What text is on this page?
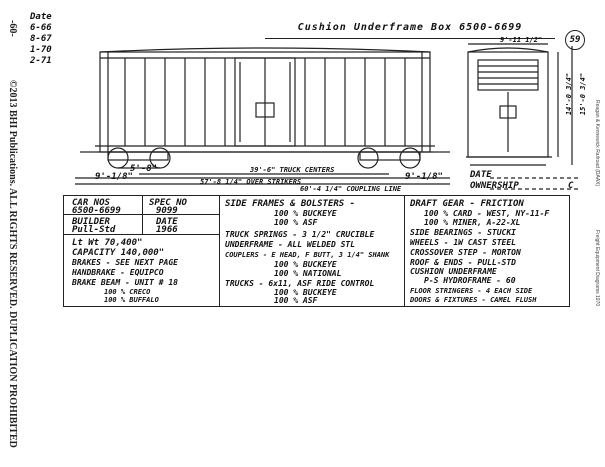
-60-
©2013 BHI Publications. ALL RIGHTS RESERVED. DUPLICATION PROHIBITED
Date
6-66
8-67
1-70
2-71
Cushion Underframe Box 6500-6699
59
Reagan & Kennewick Railroad (DAAX)
Freight Equipment Diagrams 1970
5'-8"
9'-1/8"
39'-6" TRUCK CENTERS
57'-8 1/4" OVER STRIKERS	9'-1/8"
60'-4 1/4" COUPLING LINE
9'-11 1/2"
14'-0 3/4" 15'-0 3/4"
DATE
OWNERSHIP	C
CAR NOS
6500-6699
SPEC NO
9099
BUILDER
Pull-Std
DATE
1966
Lt Wt 70,400"
CAPACITY 140,000"
BRAKES - SEE NEXT PAGE
HANDBRAKE - EQUIPCO
BRAKE BEAM - UNIT # 18
100 % CRECO
100 % BUFFALO
SIDE FRAMES & BOLSTERS -
100 % BUCKEYE
100 % ASF
TRUCK SPRINGS - 3 1/2" CRUCIBLE
UNDERFRAME - ALL WELDED STL
COUPLERS - E HEAD, F BUTT, 3 1/4" SHANK
100 % BUCKEYE
100 % NATIONAL
TRUCKS - 6x11, ASF RIDE CONTROL
100 % BUCKEYE
100 % ASF
DRAFT GEAR - FRICTION
100 % CARD - WEST, NY-11-F
100 % MINER, A-22-XL
SIDE BEARINGS - STUCKI
WHEELS - 1W CAST STEEL
CROSSOVER STEP - MORTON
ROOF & ENDS - PULL-STD
CUSHION UNDERFRAME
P-S HYDROFRAME - 60
FLOOR STRINGERS - 4 EACH SIDE
DOORS & FIXTURES - CAMEL FLUSH
